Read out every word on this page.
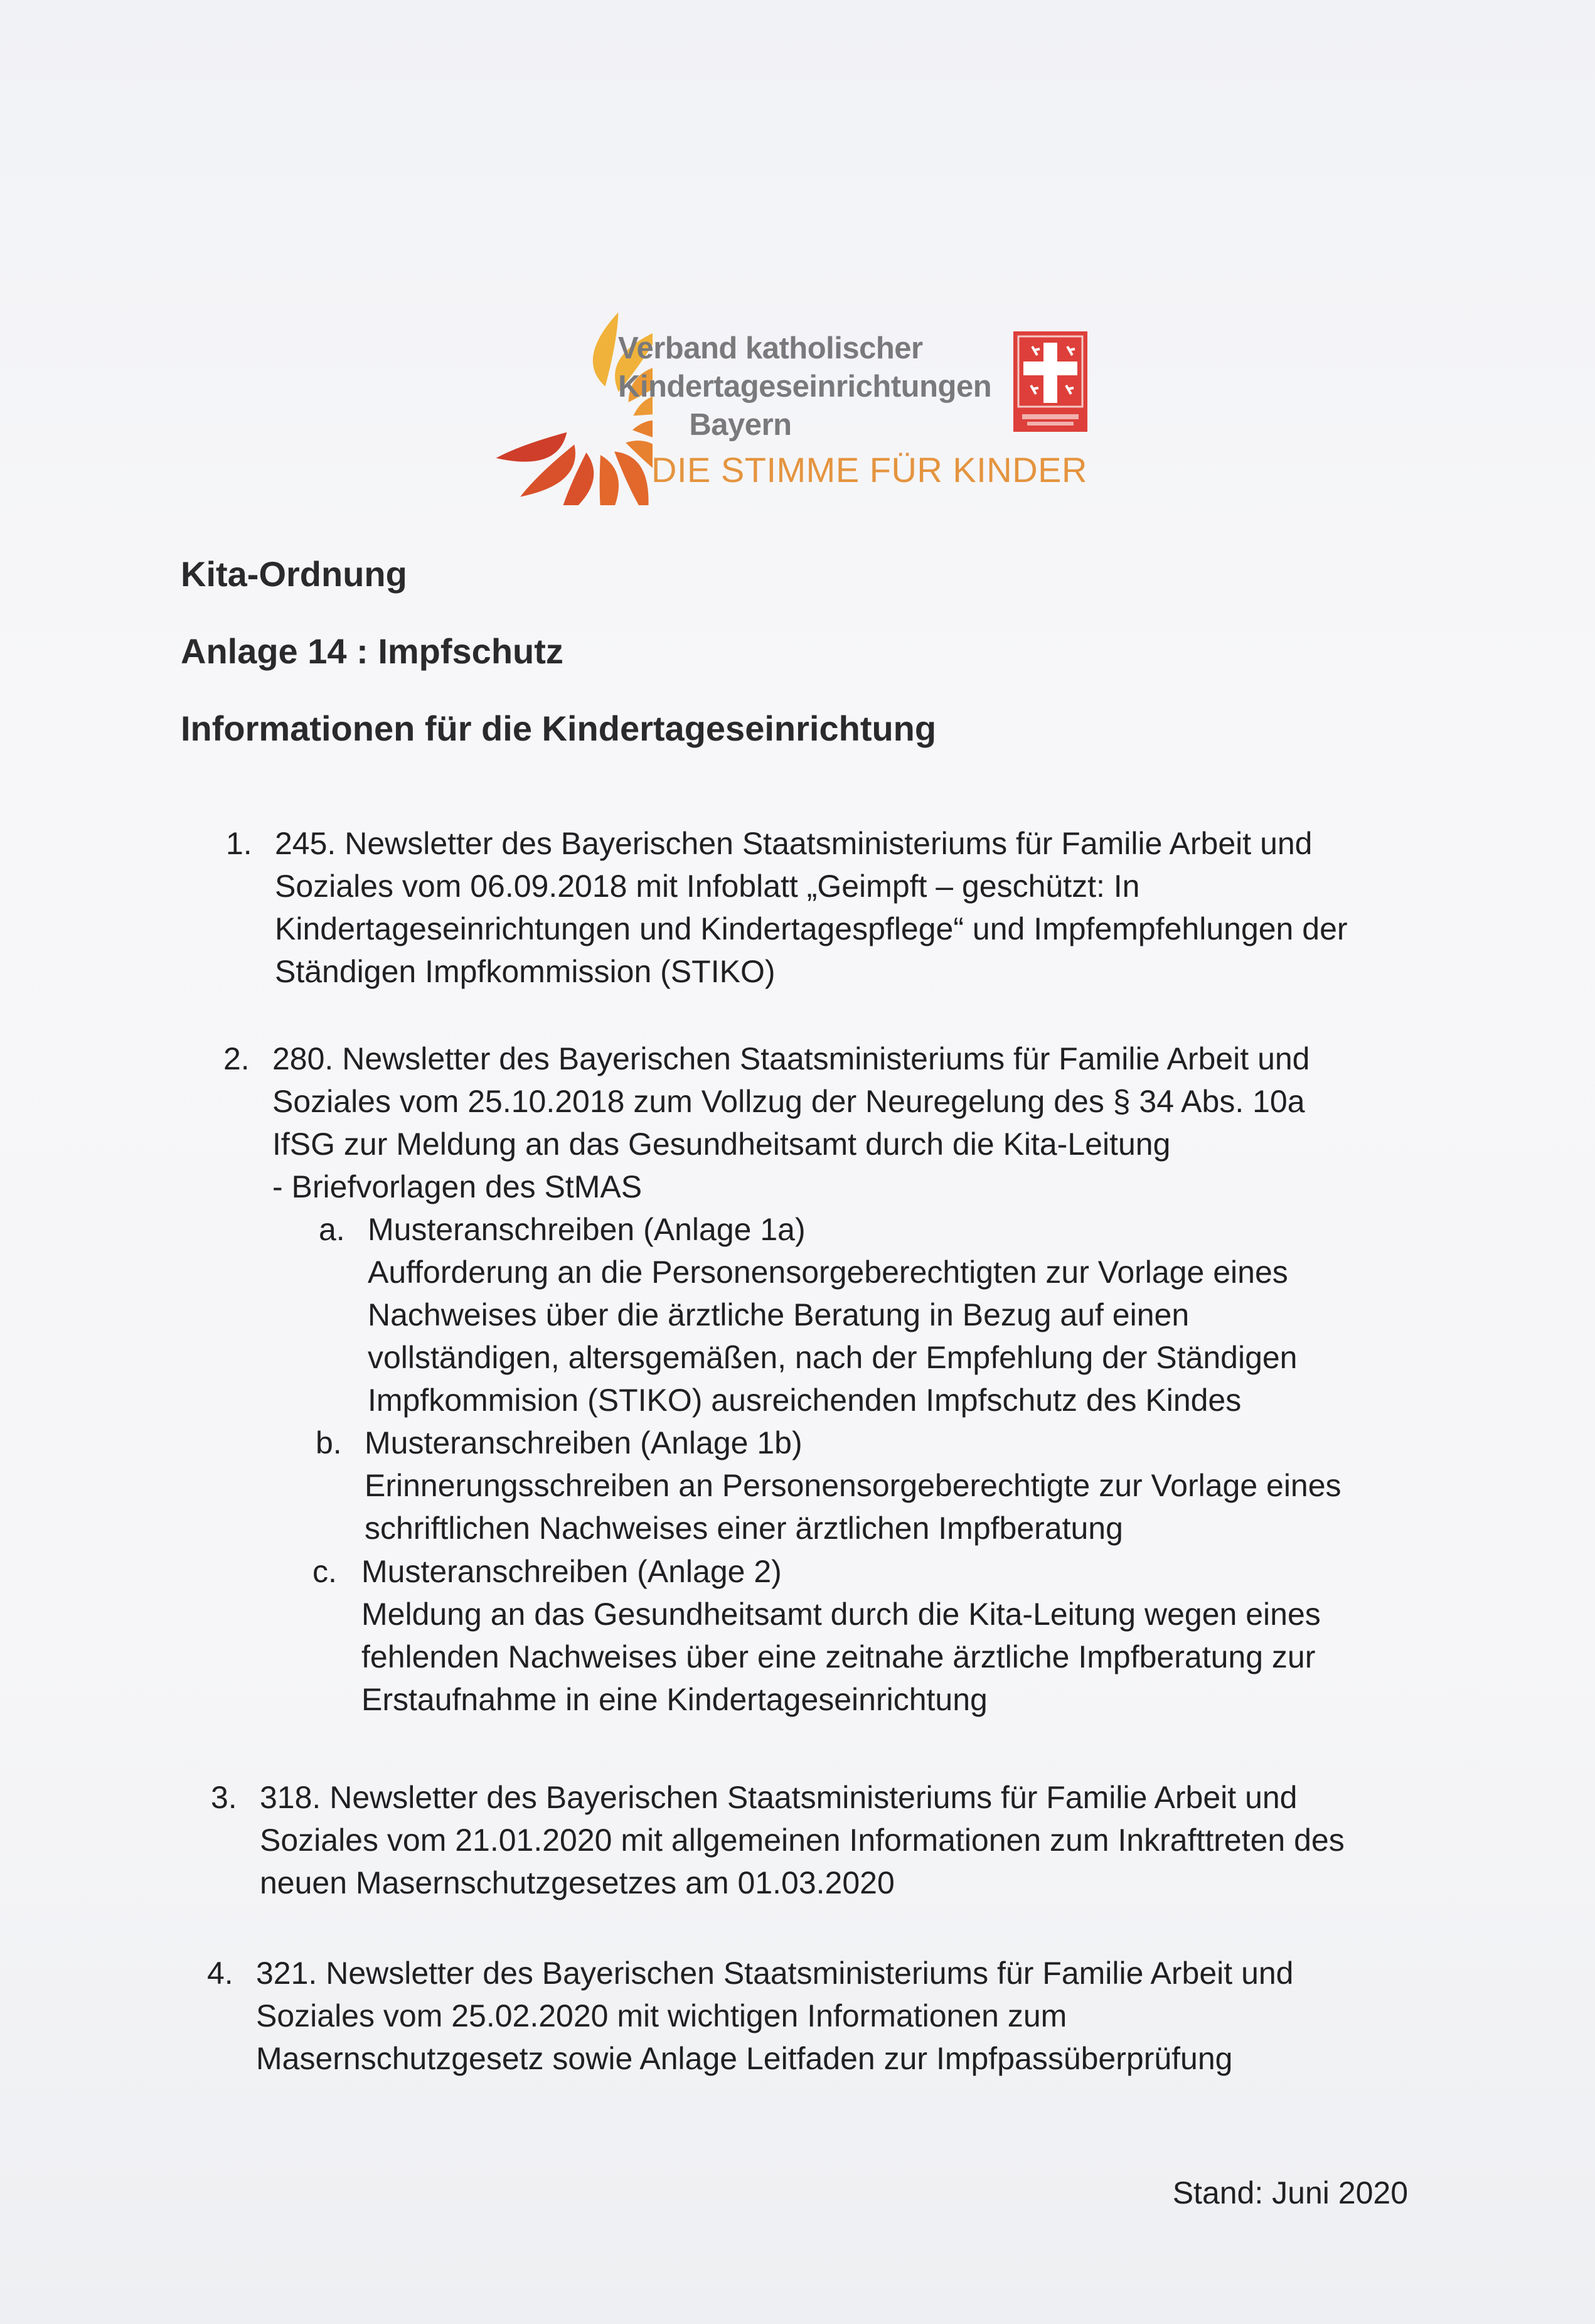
Verband katholischer
Kindertageseinrichtungen
Bayern
DIE STIMME FÜR KINDER
Kita-Ordnung
Anlage 14 : Impfschutz
Informationen für die Kindertageseinrichtung
1. 245. Newsletter des Bayerischen Staatsministeriums für Familie Arbeit und
Soziales vom 06.09.2018 mit Infoblatt „Geimpft – geschützt: In
Kindertageseinrichtungen und Kindertagespflege“ und Impfempfehlungen der
Ständigen Impfkommission (STIKO)
2. 280. Newsletter des Bayerischen Staatsministeriums für Familie Arbeit und
Soziales vom 25.10.2018 zum Vollzug der Neuregelung des § 34 Abs. 10a
IfSG zur Meldung an das Gesundheitsamt durch die Kita-Leitung
- Briefvorlagen des StMAS
a. Musteranschreiben (Anlage 1a)
Aufforderung an die Personensorgeberechtigten zur Vorlage eines
Nachweises über die ärztliche Beratung in Bezug auf einen
vollständigen, altersgemäßen, nach der Empfehlung der Ständigen
Impfkommision (STIKO) ausreichenden Impfschutz des Kindes
b. Musteranschreiben (Anlage 1b)
Erinnerungsschreiben an Personensorgeberechtigte zur Vorlage eines
schriftlichen Nachweises einer ärztlichen Impfberatung
c. Musteranschreiben (Anlage 2)
Meldung an das Gesundheitsamt durch die Kita-Leitung wegen eines
fehlenden Nachweises über eine zeitnahe ärztliche Impfberatung zur
Erstaufnahme in eine Kindertageseinrichtung
3. 318. Newsletter des Bayerischen Staatsministeriums für Familie Arbeit und
Soziales vom 21.01.2020 mit allgemeinen Informationen zum Inkrafttreten des
neuen Masernschutzgesetzes am 01.03.2020
4. 321. Newsletter des Bayerischen Staatsministeriums für Familie Arbeit und
Soziales vom 25.02.2020 mit wichtigen Informationen zum
Masernschutzgesetz sowie Anlage Leitfaden zur Impfpassüberprüfung
Stand: Juni 2020
